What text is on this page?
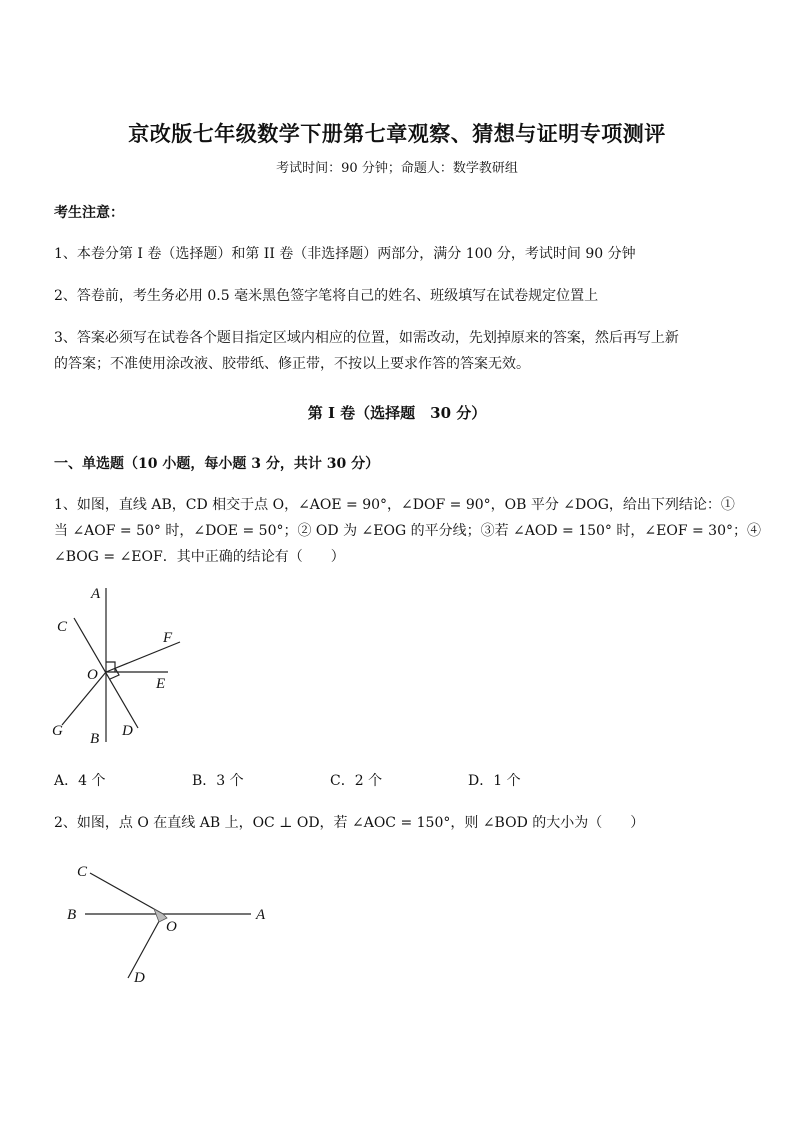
京改版七年级数学下册第七章观察、猜想与证明专项测评
考试时间：90 分钟；命题人：数学教研组
考生注意：
1、本卷分第 I 卷（选择题）和第 II 卷（非选择题）两部分，满分 100 分，考试时间 90 分钟
2、答卷前，考生务必用 0.5 毫米黑色签字笔将自己的姓名、班级填写在试卷规定位置上
3、答案必须写在试卷各个题目指定区域内相应的位置，如需改动，先划掉原来的答案，然后再写上新
的答案；不准使用涂改液、胶带纸、修正带，不按以上要求作答的答案无效。
第 I 卷（选择题　30 分）
一、单选题（10 小题，每小题 3 分，共计 30 分）
1、如图，直线 AB，CD 相交于点 O，∠AOE = 90°，∠DOF = 90°，OB 平分 ∠DOG，给出下列结论：①
当 ∠AOF = 50° 时，∠DOE = 50°；② OD 为 ∠EOG 的平分线；③若 ∠AOD = 150° 时，∠EOF = 30°；④
∠BOG = ∠EOF．其中正确的结论有（　　）
A
C
F
O
E
G B D
A．4 个	B．3 个	C．2 个	D．1 个
2、如图，点 O 在直线 AB 上，OC ⊥ OD，若 ∠AOC = 150°，则 ∠BOD 的大小为（　　）
C
B
O
A
D
